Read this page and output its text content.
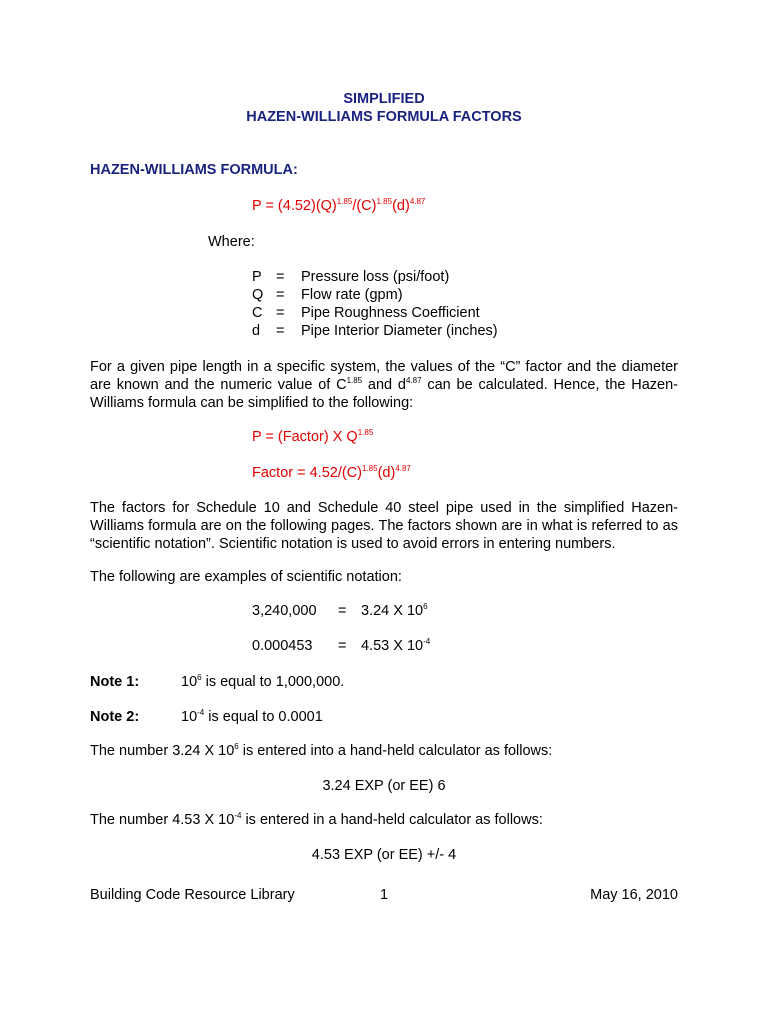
SIMPLIFIED
HAZEN-WILLIAMS FORMULA FACTORS
HAZEN-WILLIAMS FORMULA:
$P = (4.52)(Q)^{1.85}/(C)^{1.85}(d)^{4.87}$
Where:
P =	Pressure loss (psi/foot)
Q =	Flow rate (gpm)
C =	Pipe Roughness Coefficient
d	=	Pipe Interior Diameter (inches)
For a given pipe length in a specific system, the values of the “C” factor and the diameter are known and the numeric value of $C^{1.85}$ and $d^{4.87}$ can be calculated. Hence, the Hazen-Williams formula can be simplified to the following:
P = (Factor) X $Q^{1.85}$
Factor = $4.52/(C)^{1.85}(d)^{4.87}$
The factors for Schedule 10 and Schedule 40 steel pipe used in the simplified Hazen-Williams formula are on the following pages. The factors shown are in what is referred to as “scientific notation”. Scientific notation is used to avoid errors in entering numbers.
The following are examples of scientific notation:
3,240,000 = 3.24 X $10^6$
0.000453 = 4.53 X $10^{-4}$
Note 1:	$10^6$ is equal to 1,000,000.
Note 2:	$10^{-4}$ is equal to 0.0001
The number 3.24 X $10^6$ is entered into a hand-held calculator as follows:
3.24 EXP (or EE) 6
The number 4.53 X $10^{-4}$ is entered in a hand-held calculator as follows:
4.53 EXP (or EE) +/- 4
Building Code Resource Library	1	May 16, 2010
